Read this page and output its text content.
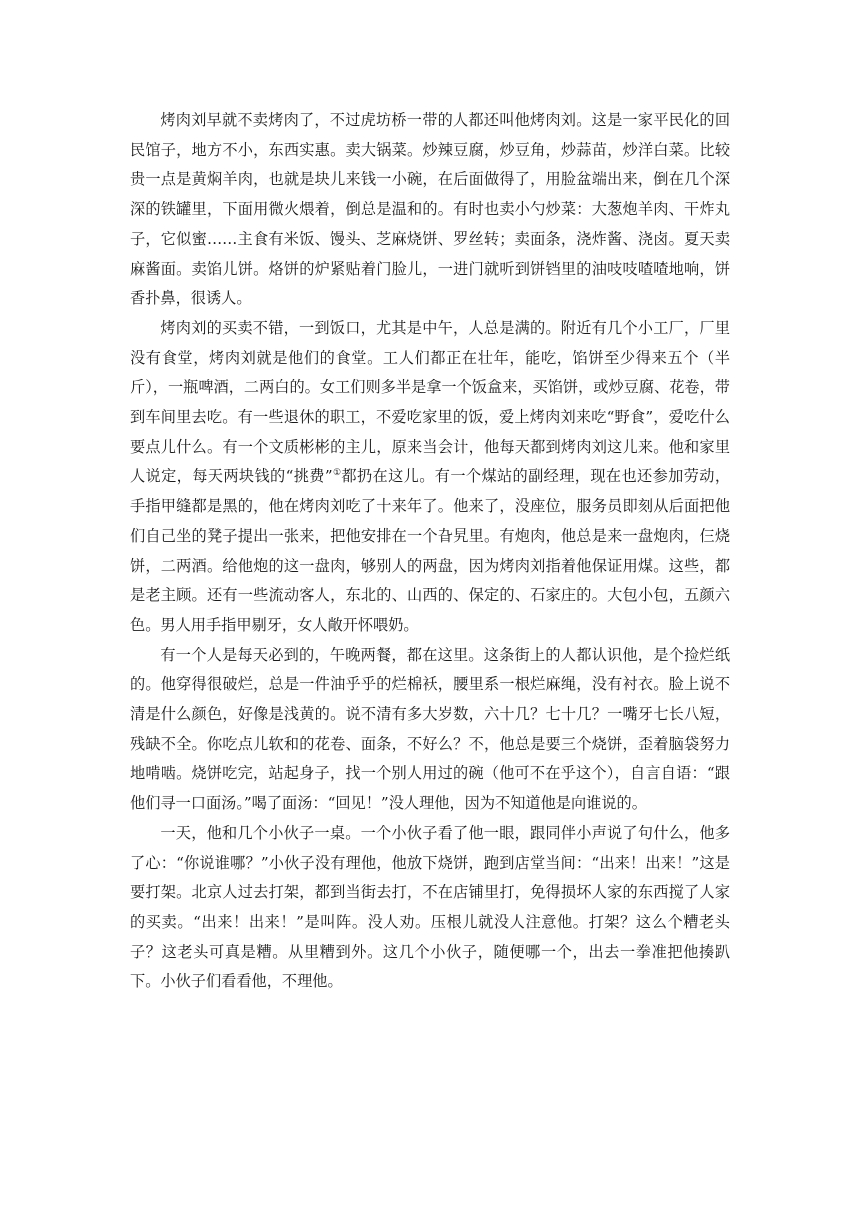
烤肉刘早就不卖烤肉了，不过虎坊桥一带的人都还叫他烤肉刘。这是一家平民化的回民馆子，地方不小，东西实惠。卖大锅菜。炒辣豆腐，炒豆角，炒蒜苗，炒洋白菜。比较贵一点是黄焖羊肉，也就是块儿来钱一小碗，在后面做得了，用脸盆端出来，倒在几个深深的铁罐里，下面用微火煨着，倒总是温和的。有时也卖小勺炒菜：大葱炮羊肉、干炸丸子，它似蜜……主食有米饭、馒头、芝麻烧饼、罗丝转；卖面条，浇炸酱、浇卤。夏天卖麻酱面。卖馅儿饼。烙饼的炉紧贴着门脸儿，一进门就听到饼铛里的油吱吱喳喳地响，饼香扑鼻，很诱人。

烤肉刘的买卖不错，一到饭口，尤其是中午，人总是满的。附近有几个小工厂，厂里没有食堂，烤肉刘就是他们的食堂。工人们都正在壮年，能吃，馅饼至少得来五个（半斤），一瓶啤酒，二两白的。女工们则多半是拿一个饭盒来，买馅饼，或炒豆腐、花卷，带到车间里去吃。有一些退休的职工，不爱吃家里的饭，爱上烤肉刘来吃“野食”，爱吃什么要点儿什么。有一个文质彬彬的主儿，原来当会计，他每天都到烤肉刘这儿来。他和家里人说定，每天两块钱的“挑费”①都扔在这儿。有一个煤站的副经理，现在也还参加劳动，手指甲缝都是黑的，他在烤肉刘吃了十来年了。他来了，没座位，服务员即刻从后面把他们自己坐的凳子提出一张来，把他安排在一个旮旯里。有炮肉，他总是来一盘炮肉，仨烧饼，二两酒。给他炮的这一盘肉，够别人的两盘，因为烤肉刘指着他保证用煤。这些，都是老主顾。还有一些流动客人，东北的、山西的、保定的、石家庄的。大包小包，五颜六色。男人用手指甲剔牙，女人敞开怀喂奶。

有一个人是每天必到的，午晚两餐，都在这里。这条街上的人都认识他，是个捡烂纸的。他穿得很破烂，总是一件油乎乎的烂棉袄，腰里系一根烂麻绳，没有衬衣。脸上说不清是什么颜色，好像是浅黄的。说不清有多大岁数，六十几？七十几？一嘴牙七长八短，残缺不全。你吃点儿软和的花卷、面条，不好么？不，他总是要三个烧饼，歪着脑袋努力地啃啮。烧饼吃完，站起身子，找一个别人用过的碗（他可不在乎这个），自言自语：“跟他们寻一口面汤。”喝了面汤：“回见！”没人理他，因为不知道他是向谁说的。

一天，他和几个小伙子一桌。一个小伙子看了他一眼，跟同伴小声说了句什么，他多了心：“你说谁哪？”小伙子没有理他，他放下烧饼，跑到店堂当间：“出来！出来！”这是要打架。北京人过去打架，都到当街去打，不在店铺里打，免得损坏人家的东西搅了人家的买卖。“出来！出来！”是叫阵。没人劝。压根儿就没人注意他。打架？这么个糟老头子？这老头可真是糟。从里糟到外。这几个小伙子，随便哪一个，出去一拳准把他揍趴下。小伙子们看看他，不理他。
